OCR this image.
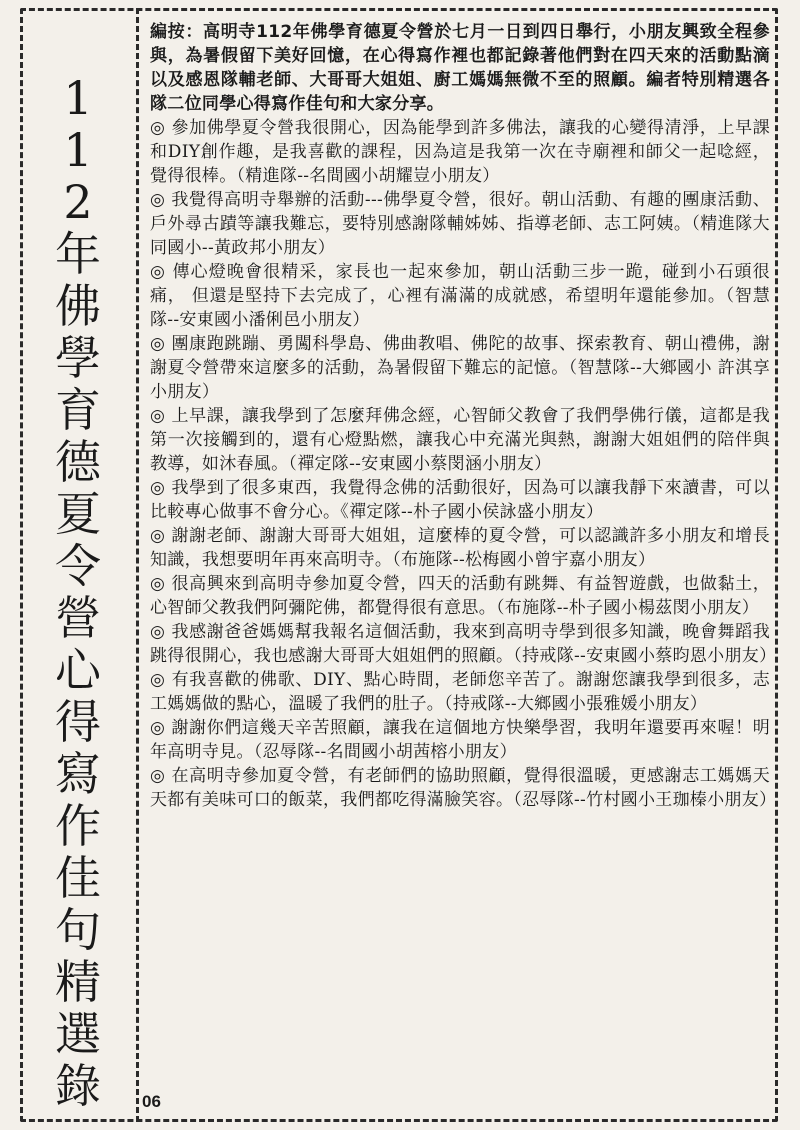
1
1
2
年
佛
學
育
德
夏
令
營
心
得
寫
作
佳
句
精
選
錄

編按：高明寺112年佛學育德夏令營於七月一日到四日舉行，小朋友興致全程參與，為暑假留下美好回憶，在心得寫作裡也都記錄著他們對在四天來的活動點滴以及感恩隊輔老師、大哥哥大姐姐、廚工媽媽無微不至的照顧。編者特別精選各隊二位同學心得寫作佳句和大家分享。

◎ 參加佛學夏令營我很開心，因為能學到許多佛法，讓我的心變得清淨，上早課和DIY創作趣，是我喜歡的課程，因為這是我第一次在寺廟裡和師父一起唸經，覺得很棒。（精進隊--名間國小胡耀豈小朋友）

◎ 我覺得高明寺舉辦的活動---佛學夏令營，很好。朝山活動、有趣的團康活動、戶外尋古蹟等讓我難忘，要特別感謝隊輔姊姊、指導老師、志工阿姨。（精進隊大同國小--黃政邦小朋友）

◎ 傳心燈晚會很精采，家長也一起來參加，朝山活動三步一跪，碰到小石頭很痛， 但還是堅持下去完成了，心裡有滿滿的成就感，希望明年還能參加。（智慧隊--安東國小潘俐邑小朋友）

◎ 團康跑跳蹦、勇闖科學島、佛曲教唱、佛陀的故事、探索教育、朝山禮佛，謝謝夏令營帶來這麼多的活動，為暑假留下難忘的記憶。（智慧隊--大鄉國小 許淇享小朋友）

◎ 上早課，讓我學到了怎麼拜佛念經，心智師父教會了我們學佛行儀，這都是我第一次接觸到的，還有心燈點燃，讓我心中充滿光與熱，謝謝大姐姐們的陪伴與教導，如沐春風。（禪定隊--安東國小蔡閔涵小朋友）

◎ 我學到了很多東西，我覺得念佛的活動很好，因為可以讓我靜下來讀書，可以比較專心做事不會分心。《禪定隊--朴子國小侯詠盛小朋友）

◎ 謝謝老師、謝謝大哥哥大姐姐，這麼棒的夏令營，可以認識許多小朋友和增長知識，我想要明年再來高明寺。（布施隊--松梅國小曾宇嘉小朋友）

◎ 很高興來到高明寺參加夏令營，四天的活動有跳舞、有益智遊戲，也做黏土，心智師父教我們阿彌陀佛，都覺得很有意思。（布施隊--朴子國小楊茲閔小朋友）

◎ 我感謝爸爸媽媽幫我報名這個活動，我來到高明寺學到很多知識，晚會舞蹈我跳得很開心，我也感謝大哥哥大姐姐們的照顧。（持戒隊--安東國小蔡昀恩小朋友）

◎ 有我喜歡的佛歌、DIY、點心時間，老師您辛苦了。謝謝您讓我學到很多，志工媽媽做的點心，溫暖了我們的肚子。（持戒隊--大鄉國小張雅媛小朋友）

◎ 謝謝你們這幾天辛苦照顧，讓我在這個地方快樂學習，我明年還要再來喔！明年高明寺見。（忍辱隊--名間國小胡茜榕小朋友）

◎ 在高明寺參加夏令營，有老師們的協助照顧，覺得很溫暖，更感謝志工媽媽天天都有美味可口的飯菜，我們都吃得滿臉笑容。（忍辱隊--竹村國小王珈榛小朋友）

06
